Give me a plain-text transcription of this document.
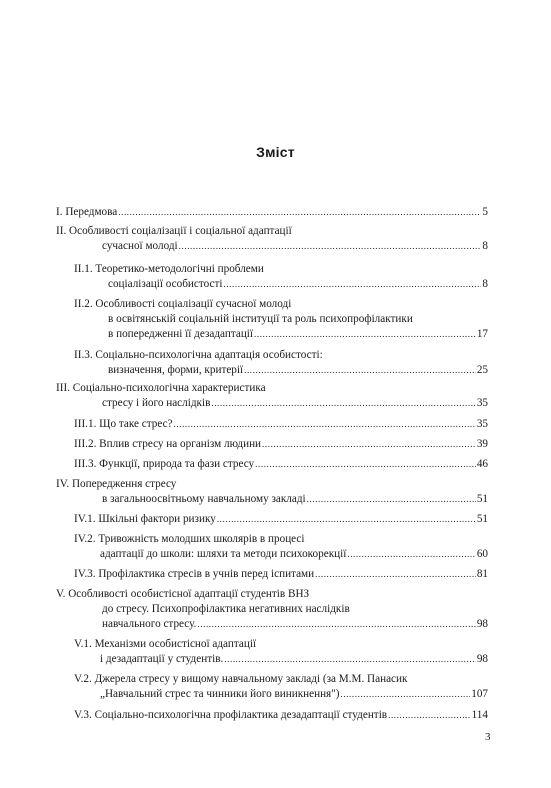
Зміст
I. Передмова .....	5
II. Особливості соціалізації і соціальної адаптації
сучасної молоді .....	8
II.1. Теоретико-методологічні проблеми
соціалізації особистості .....	8
II.2. Особливості соціалізації сучасної молоді
в освітянській соціальній інституції та роль психопрофілактики
в попередженні її дезадаптації .....	17
II.3. Соціально-психологічна адаптація особистості:
визначення, форми, критерії .....	25
III. Соціально-психологічна характеристика
стресу і його наслідків .....	35
III.1. Що таке стрес? .....	35
III.2. Вплив стресу на організм людини .....	39
III.3. Функції, природа та фази стресу .....	46
IV. Попередження стресу
в загальноосвітньому навчальному закладі .....	51
IV.1. Шкільні фактори ризику .....	51
IV.2. Тривожність молодших школярів в процесі
адаптації до школи: шляхи та методи психокорекції .....	60
IV.3. Профілактика стресів в учнів перед іспитами .....	81
V. Особливості особистісної адаптації студентів ВНЗ
до стресу. Психопрофілактика негативних наслідків
навчального стресу. .....	98
V.1. Механізми особистісної адаптації
і дезадаптації у студентів. .....	98
V.2. Джерела стресу у вищому навчальному закладі (за М.М. Панасик
„Навчальний стрес та чинники його виникнення") .....	107
V.3. Соціально-психологічна профілактика дезадаптації студентів .....	114
3
